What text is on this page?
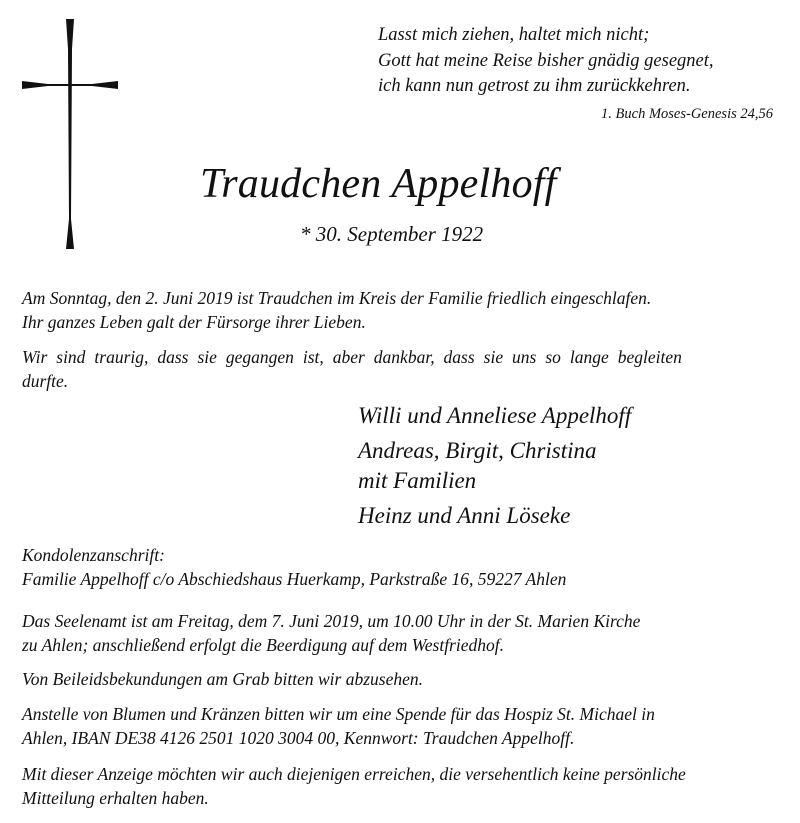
Lasst mich ziehen, haltet mich nicht;
Gott hat meine Reise bisher gnädig gesegnet,
ich kann nun getrost zu ihm zurückkehren.
1. Buch Moses-Genesis 24,56
Traudchen Appelhoff
* 30. September 1922
Am Sonntag, den 2. Juni 2019 ist Traudchen im Kreis der Familie friedlich eingeschlafen.
Ihr ganzes Leben galt der Fürsorge ihrer Lieben.
Wir sind traurig, dass sie gegangen ist, aber dankbar, dass sie uns so lange begleiten
durfte.
Willi und Anneliese Appelhoff
Andreas, Birgit, Christina
mit Familien
Heinz und Anni Löseke
Kondolenzanschrift:
Familie Appelhoff c/o Abschiedshaus Huerkamp, Parkstraße 16, 59227 Ahlen
Das Seelenamt ist am Freitag, dem 7. Juni 2019, um 10.00 Uhr in der St. Marien Kirche
zu Ahlen; anschließend erfolgt die Beerdigung auf dem Westfriedhof.
Von Beileidsbekundungen am Grab bitten wir abzusehen.
Anstelle von Blumen und Kränzen bitten wir um eine Spende für das Hospiz St. Michael in
Ahlen, IBAN DE38 4126 2501 1020 3004 00, Kennwort: Traudchen Appelhoff.
Mit dieser Anzeige möchten wir auch diejenigen erreichen, die versehentlich keine persönliche
Mitteilung erhalten haben.
